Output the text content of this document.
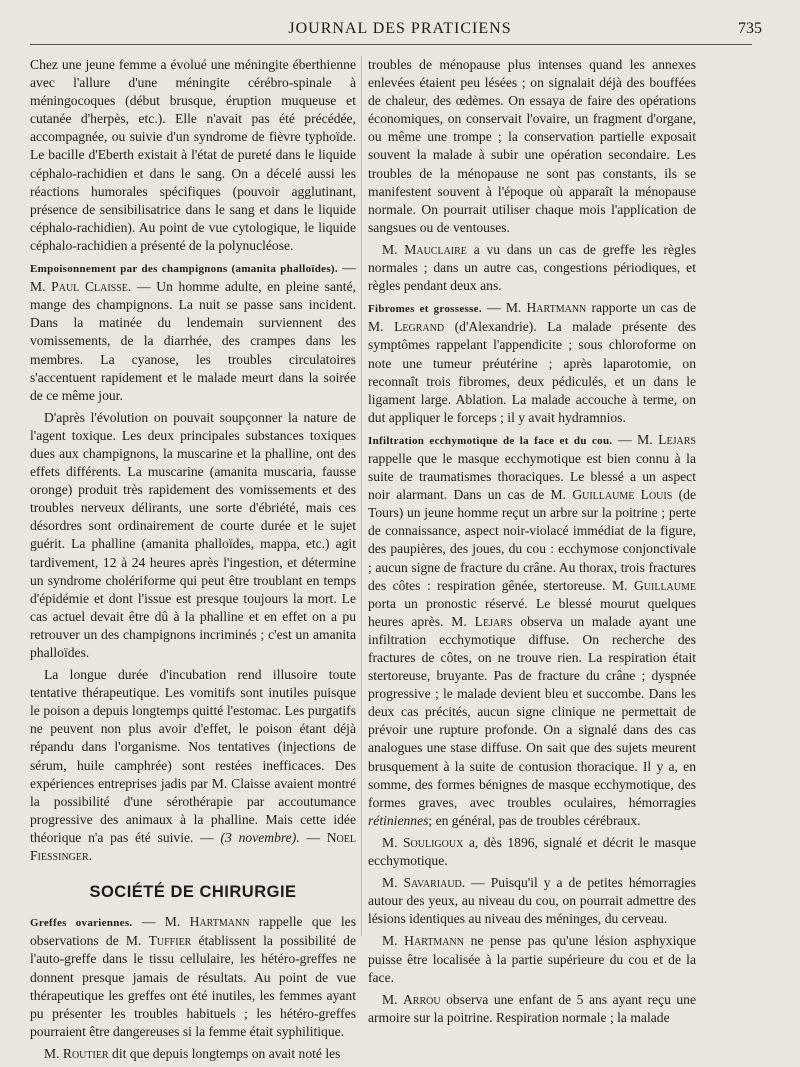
JOURNAL DES PRATICIENS	735

Chez une jeune femme a évolué une méningite éberthienne avec l'allure d'une méningite cérébro-spinale à méningocoques (début brusque, éruption muqueuse et cutanée d'herpès, etc.). Elle n'avait pas été précédée, accompagnée, ou suivie d'un syndrome de fièvre typhoïde. Le bacille d'Eberth existait à l'état de pureté dans le liquide céphalo-rachidien et dans le sang. On a décelé aussi les réactions humorales spécifiques (pouvoir agglutinant, présence de sensibilisatrice dans le sang et dans le liquide céphalo-rachidien). Au point de vue cytologique, le liquide céphalo-rachidien a présenté de la polynucléose.

Empoisonnement par des champignons (amanita phalloïdes). — M. Paul Claisse. — Un homme adulte, en pleine santé, mange des champignons. La nuit se passe sans incident. Dans la matinée du lendemain surviennent des vomissements, de la diarrhée, des crampes dans les membres. La cyanose, les troubles circulatoires s'accentuent rapidement et le malade meurt dans la soirée de ce même jour.

D'après l'évolution on pouvait soupçonner la nature de l'agent toxique. Les deux principales substances toxiques dues aux champignons, la muscarine et la phalline, ont des effets différents. La muscarine (amanita muscaria, fausse oronge) produit très rapidement des vomissements et des troubles nerveux délirants, une sorte d'ébriété, mais ces désordres sont ordinairement de courte durée et le sujet guérit. La phalline (amanita phalloïdes, mappa, etc.) agit tardivement, 12 à 24 heures après l'ingestion, et détermine un syndrome cholériforme qui peut être troublant en temps d'épidémie et dont l'issue est presque toujours la mort. Le cas actuel devait être dû à la phalline et en effet on a pu retrouver un des champignons incriminés ; c'est un amanita phalloïdes.

La longue durée d'incubation rend illusoire toute tentative thérapeutique. Les vomitifs sont inutiles puisque le poison a depuis longtemps quitté l'estomac. Les purgatifs ne peuvent non plus avoir d'effet, le poison étant déjà répandu dans l'organisme. Nos tentatives (injections de sérum, huile camphrée) sont restées inefficaces. Des expériences entreprises jadis par M. Claisse avaient montré la possibilité d'une sérothérapie par accoutumance progressive des animaux à la phalline. Mais cette idée théorique n'a pas été suivie. — (3 novembre). — Noel Fiessinger.

SOCIÉTÉ DE CHIRURGIE

Greffes ovariennes. — M. Hartmann rappelle que les observations de M. Tuffier établissent la possibilité de l'auto-greffe dans le tissu cellulaire, les hétéro-greffes ne donnent presque jamais de résultats. Au point de vue thérapeutique les greffes ont été inutiles, les femmes ayant pu présenter les troubles habituels ; les hétéro-greffes pourraient être dangereuses si la femme était syphilitique.

M. Routier dit que depuis longtemps on avait noté les

troubles de ménopause plus intenses quand les annexes enlevées étaient peu lésées ; on signalait déjà des bouffées de chaleur, des œdèmes. On essaya de faire des opérations économiques, on conservait l'ovaire, un fragment d'organe, ou même une trompe ; la conservation partielle exposait souvent la malade à subir une opération secondaire. Les troubles de la ménopause ne sont pas constants, ils se manifestent souvent à l'époque où apparaît la ménopause normale. On pourrait utiliser chaque mois l'application de sangsues ou de ventouses.

M. Mauclaire a vu dans un cas de greffe les règles normales ; dans un autre cas, congestions périodiques, et règles pendant deux ans.

Fibromes et grossesse. — M. Hartmann rapporte un cas de M. Legrand (d'Alexandrie). La malade présente des symptômes rappelant l'appendicite ; sous chloroforme on note une tumeur préutérine ; après laparotomie, on reconnaît trois fibromes, deux pédiculés, et un dans le ligament large. Ablation. La malade accouche à terme, on dut appliquer le forceps ; il y avait hydramnios.

Infiltration ecchymotique de la face et du cou. — M. Lejars rappelle que le masque ecchymotique est bien connu à la suite de traumatismes thoraciques. Le blessé a un aspect noir alarmant. Dans un cas de M. Guillaume Louis (de Tours) un jeune homme reçut un arbre sur la poitrine ; perte de connaissance, aspect noir-violacé immédiat de la figure, des paupières, des joues, du cou : ecchymose conjonctivale ; aucun signe de fracture du crâne. Au thorax, trois fractures des côtes : respiration gênée, stertoreuse. M. Guillaume porta un pronostic réservé. Le blessé mourut quelques heures après. M. Lejars observa un malade ayant une infiltration ecchymotique diffuse. On recherche des fractures de côtes, on ne trouve rien. La respiration était stertoreuse, bruyante. Pas de fracture du crâne ; dyspnée progressive ; le malade devient bleu et succombe. Dans les deux cas précités, aucun signe clinique ne permettait de prévoir une rupture profonde. On a signalé dans des cas analogues une stase diffuse. On sait que des sujets meurent brusquement à la suite de contusion thoracique. Il y a, en somme, des formes bénignes de masque ecchymotique, des formes graves, avec troubles oculaires, hémorragies rétiniennes; en général, pas de troubles cérébraux.

M. Souligoux a, dès 1896, signalé et décrit le masque ecchymotique.

M. Savariaud. — Puisqu'il y a de petites hémorragies autour des yeux, au niveau du cou, on pourrait admettre des lésions identiques au niveau des méninges, du cerveau.

M. Hartmann ne pense pas qu'une lésion asphyxique puisse être localisée à la partie supérieure du cou et de la face.

M. Arrou observa une enfant de 5 ans ayant reçu une armoire sur la poitrine. Respiration normale ; la malade
